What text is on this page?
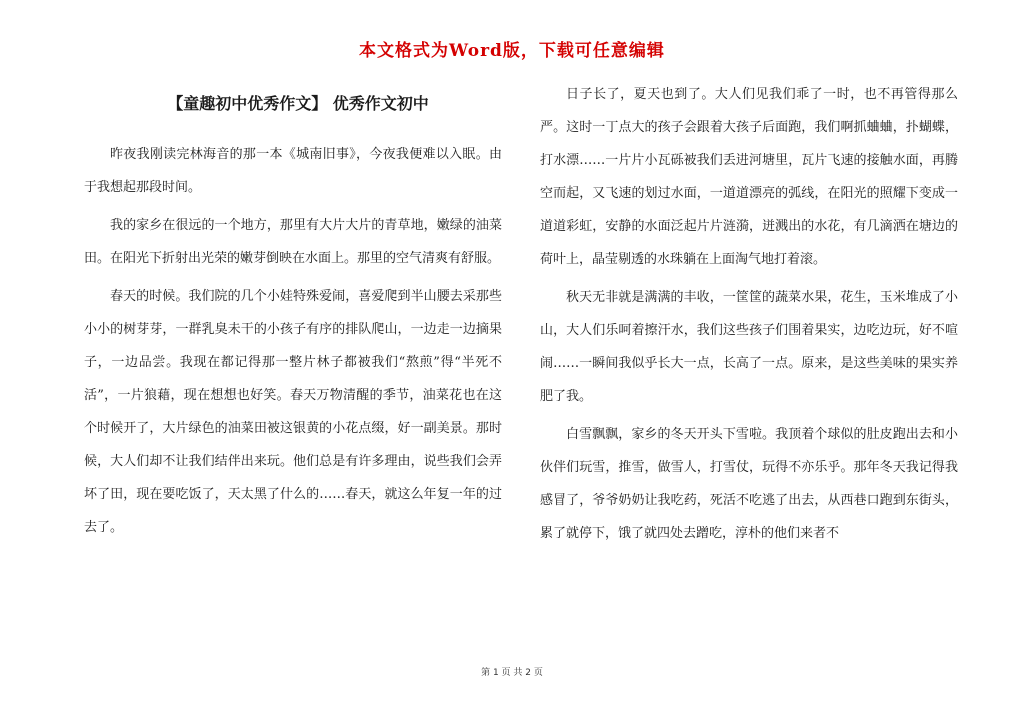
本文格式为Word版，下载可任意编辑
【童趣初中优秀作文】 优秀作文初中

昨夜我刚读完林海音的那一本《城南旧事》，今夜我便难以入眠。由于我想起那段时间。

我的家乡在很远的一个地方，那里有大片大片的青草地，嫩绿的油菜田。在阳光下折射出光荣的嫩芽倒映在水面上。那里的空气清爽有舒服。

春天的时候。我们院的几个小娃特殊爱闹，喜爱爬到半山腰去采那些小小的树芽芽，一群乳臭未干的小孩子有序的排队爬山，一边走一边摘果子，一边品尝。我现在都记得那一整片林子都被我们“熬煎”得“半死不活”，一片狼藉，现在想想也好笑。春天万物清醒的季节，油菜花也在这个时候开了，大片绿色的油菜田被这银黄的小花点缀，好一副美景。那时候，大人们却不让我们结伴出来玩。他们总是有许多理由，说些我们会弄坏了田，现在要吃饭了，天太黑了什么的……春天，就这么年复一年的过去了。

日子长了，夏天也到了。大人们见我们乖了一时，也不再管得那么严。这时一丁点大的孩子会跟着大孩子后面跑，我们啊抓蛐蛐，扑蝴蝶，打水漂……一片片小瓦砾被我们丢进河塘里，瓦片飞速的接触水面，再腾空而起，又飞速的划过水面，一道道漂亮的弧线，在阳光的照耀下变成一道道彩虹，安静的水面泛起片片涟漪，迸溅出的水花，有几滴洒在塘边的荷叶上，晶莹剔透的水珠躺在上面淘气地打着滚。

秋天无非就是满满的丰收，一筐筐的蔬菜水果，花生，玉米堆成了小山，大人们乐呵着擦汗水，我们这些孩子们围着果实，边吃边玩，好不喧闹……一瞬间我似乎长大一点，长高了一点。原来，是这些美味的果实养肥了我。

白雪飘飘，家乡的冬天开头下雪啦。我顶着个球似的肚皮跑出去和小伙伴们玩雪，推雪，做雪人，打雪仗，玩得不亦乐乎。那年冬天我记得我感冒了，爷爷奶奶让我吃药，死活不吃逃了出去，从西巷口跑到东街头，累了就停下，饿了就四处去蹭吃，淳朴的他们来者不

第 1 页 共 2 页
